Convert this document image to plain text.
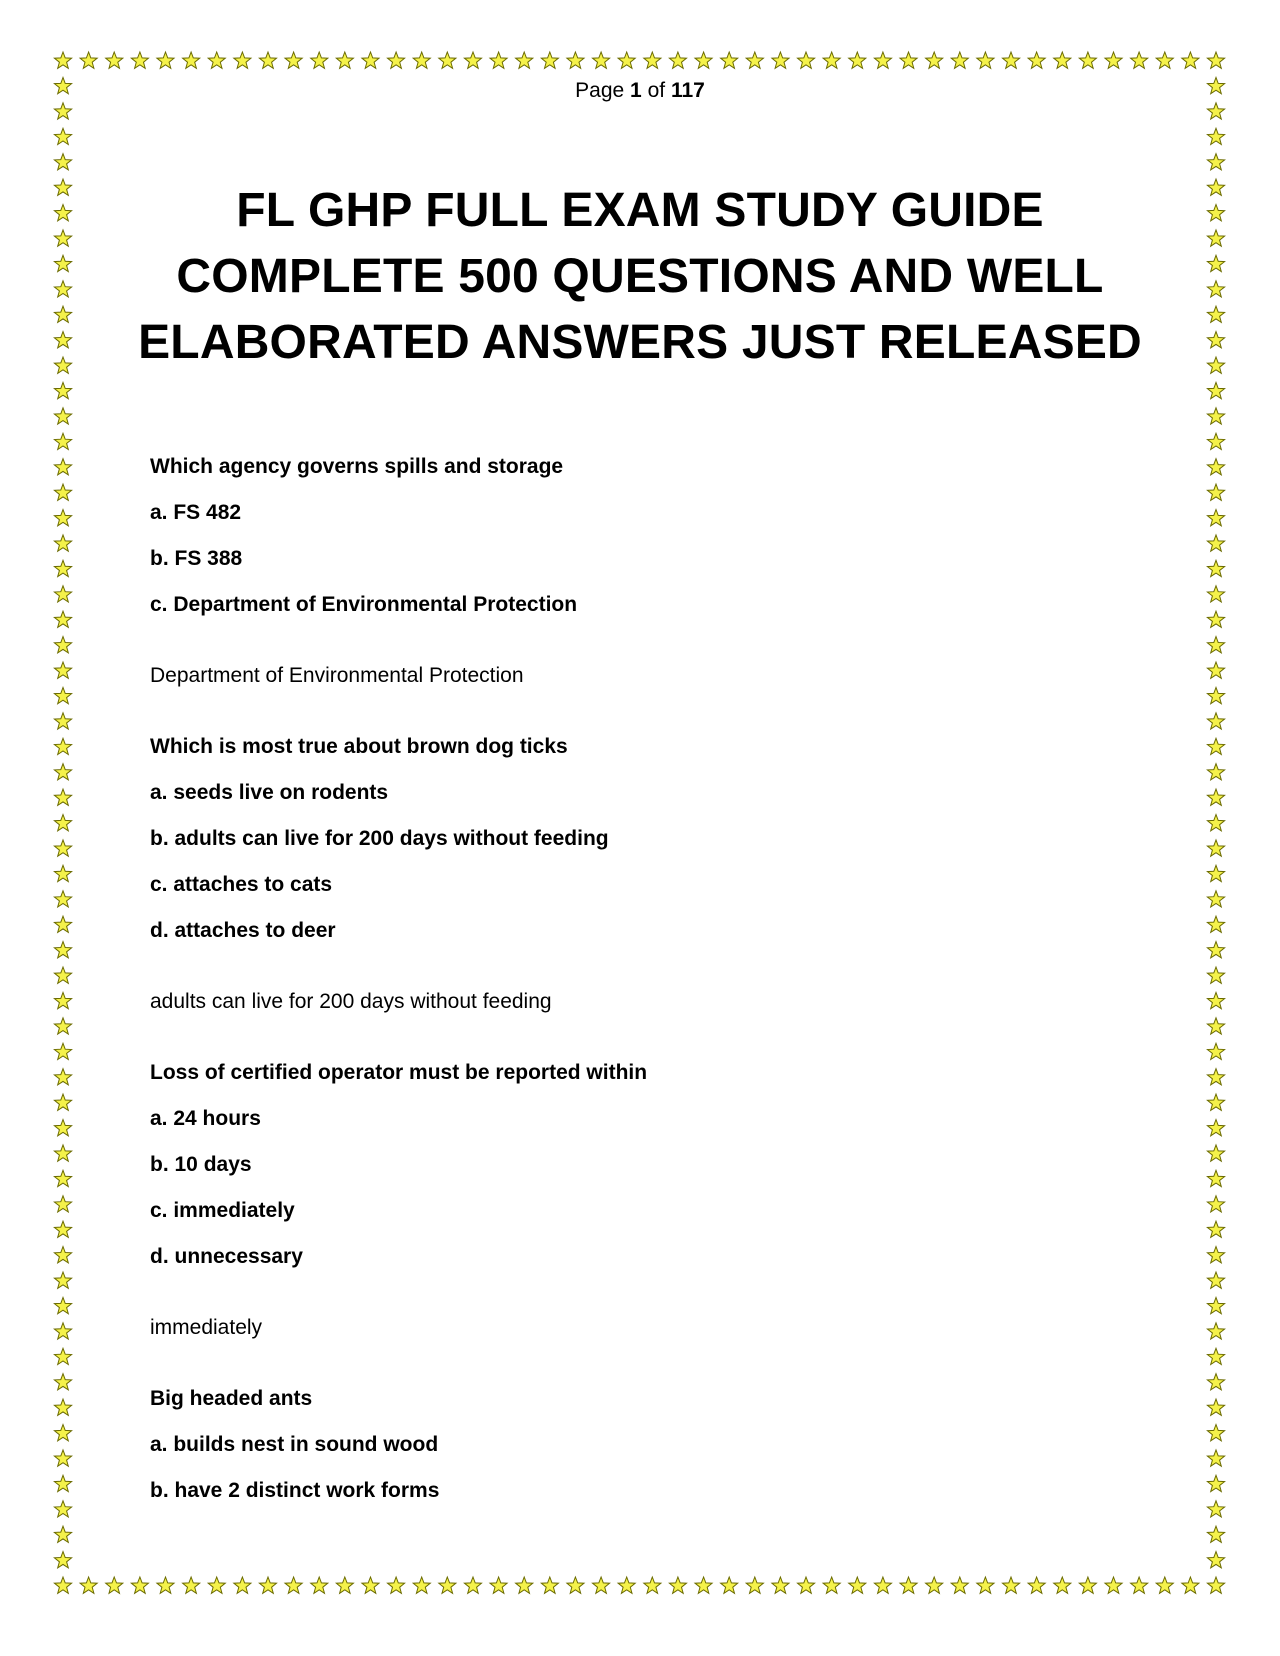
Page 1 of 117
FL GHP FULL EXAM STUDY GUIDE
COMPLETE 500 QUESTIONS AND WELL
ELABORATED ANSWERS JUST RELEASED

Which agency governs spills and storage

a. FS 482

b. FS 388

c. Department of Environmental Protection

Department of Environmental Protection

Which is most true about brown dog ticks

a. seeds live on rodents

b. adults can live for 200 days without feeding

c. attaches to cats

d. attaches to deer

adults can live for 200 days without feeding

Loss of certified operator must be reported within

a. 24 hours

b. 10 days

c. immediately

d. unnecessary

immediately

Big headed ants

a. builds nest in sound wood

b. have 2 distinct work forms
